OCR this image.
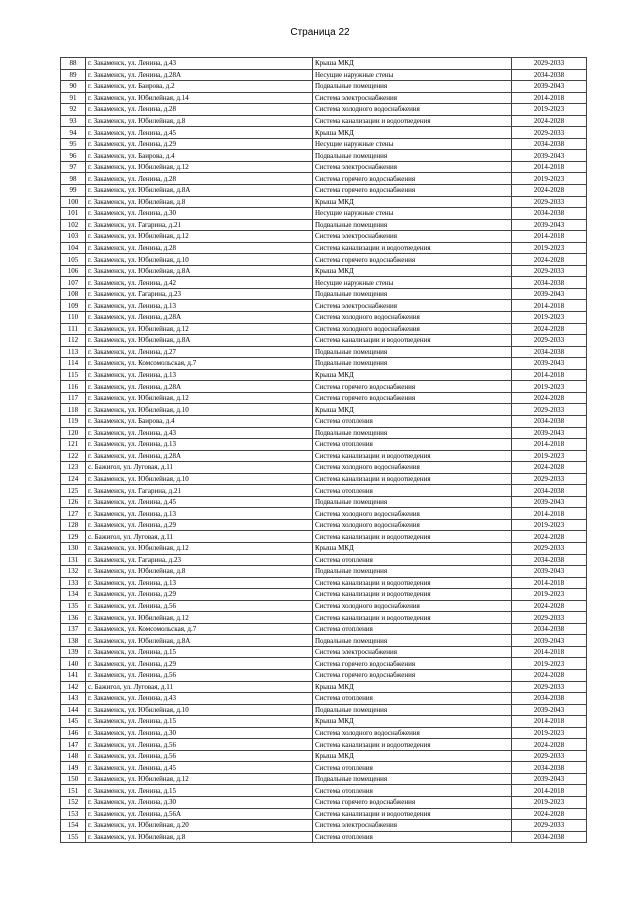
Страница 22
88	г. Закаменск, ул. Ленина, д.43	Крыша МКД	2029-2033
89	г. Закаменск, ул. Ленина, д.28А	Несущие наружные стены	2034-2038
90	г. Закаменск, ул. Баирова, д.2	Подвальные помещения	2039-2043
91	г. Закаменск, ул. Юбилейная, д.14	Система электроснабжения	2014-2018
92	г. Закаменск, ул. Ленина, д.28	Система холодного водоснабжения	2019-2023
93	г. Закаменск, ул. Юбилейная, д.8	Система канализации и водоотведения	2024-2028
94	г. Закаменск, ул. Ленина, д.45	Крыша МКД	2029-2033
95	г. Закаменск, ул. Ленина, д.29	Несущие наружные стены	2034-2038
96	г. Закаменск, ул. Баирова, д.4	Подвальные помещения	2039-2043
97	г. Закаменск, ул. Юбилейная, д.12	Система электроснабжения	2014-2018
98	г. Закаменск, ул. Ленина, д.28	Система горячего водоснабжения	2019-2023
99	г. Закаменск, ул. Юбилейная, д.8А	Система горячего водоснабжения	2024-2028
100	г. Закаменск, ул. Юбилейная, д.8	Крыша МКД	2029-2033
101	г. Закаменск, ул. Ленина, д.30	Несущие наружные стены	2034-2038
102	г. Закаменск, ул. Гагарина, д.21	Подвальные помещения	2039-2043
103	г. Закаменск, ул. Юбилейная, д.12	Система электроснабжения	2014-2018
104	г. Закаменск, ул. Ленина, д.28	Система канализации и водоотведения	2019-2023
105	г. Закаменск, ул. Юбилейная, д.10	Система горячего водоснабжения	2024-2028
106	г. Закаменск, ул. Юбилейная, д.8А	Крыша МКД	2029-2033
107	г. Закаменск, ул. Ленина, д.42	Несущие наружные стены	2034-2038
108	г. Закаменск, ул. Гагарина, д.23	Подвальные помещения	2039-2043
109	г. Закаменск, ул. Ленина, д.13	Система электроснабжения	2014-2018
110	г. Закаменск, ул. Ленина, д.28А	Система холодного водоснабжения	2019-2023
111	г. Закаменск, ул. Юбилейная, д.12	Система холодного водоснабжения	2024-2028
112	г. Закаменск, ул. Юбилейная, д.8А	Система канализации и водоотведения	2029-2033
113	г. Закаменск, ул. Ленина, д.27	Подвальные помещения	2034-2038
114	г. Закаменск, ул. Комсомольская, д.7	Подвальные помещения	2039-2043
115	г. Закаменск, ул. Ленина, д.13	Крыша МКД	2014-2018
116	г. Закаменск, ул. Ленина, д.28А	Система горячего водоснабжения	2019-2023
117	г. Закаменск, ул. Юбилейная, д.12	Система горячего водоснабжения	2024-2028
118	г. Закаменск, ул. Юбилейная, д.10	Крыша МКД	2029-2033
119	г. Закаменск, ул. Баирова, д.4	Система отопления	2034-2038
120	г. Закаменск, ул. Ленина, д.43	Подвальные помещения	2039-2043
121	г. Закаменск, ул. Ленина, д.13	Система отопления	2014-2018
122	г. Закаменск, ул. Ленина, д.28А	Система канализации и водоотведения	2019-2023
123	с. Бажигол, ул. Луговая, д.11	Система холодного водоснабжения	2024-2028
124	г. Закаменск, ул. Юбилейная, д.10	Система канализации и водоотведения	2029-2033
125	г. Закаменск, ул. Гагарина, д.21	Система отопления	2034-2038
126	г. Закаменск, ул. Ленина, д.45	Подвальные помещения	2039-2043
127	г. Закаменск, ул. Ленина, д.13	Система холодного водоснабжения	2014-2018
128	г. Закаменск, ул. Ленина, д.29	Система холодного водоснабжения	2019-2023
129	с. Бажигол, ул. Луговая, д.11	Система канализации и водоотведения	2024-2028
130	г. Закаменск, ул. Юбилейная, д.12	Крыша МКД	2029-2033
131	г. Закаменск, ул. Гагарина, д.23	Система отопления	2034-2038
132	г. Закаменск, ул. Юбилейная, д.8	Подвальные помещения	2039-2043
133	г. Закаменск, ул. Ленина, д.13	Система канализации и водоотведения	2014-2018
134	г. Закаменск, ул. Ленина, д.29	Система канализации и водоотведения	2019-2023
135	г. Закаменск, ул. Ленина, д.56	Система холодного водоснабжения	2024-2028
136	г. Закаменск, ул. Юбилейная, д.12	Система канализации и водоотведения	2029-2033
137	г. Закаменск, ул. Комсомольская, д.7	Система отопления	2034-2038
138	г. Закаменск, ул. Юбилейная, д.8А	Подвальные помещения	2039-2043
139	г. Закаменск, ул. Ленина, д.15	Система электроснабжения	2014-2018
140	г. Закаменск, ул. Ленина, д.29	Система горячего водоснабжения	2019-2023
141	г. Закаменск, ул. Ленина, д.56	Система горячего водоснабжения	2024-2028
142	с. Бажигол, ул. Луговая, д.11	Крыша МКД	2029-2033
143	г. Закаменск, ул. Ленина, д.43	Система отопления	2034-2038
144	г. Закаменск, ул. Юбилейная, д.10	Подвальные помещения	2039-2043
145	г. Закаменск, ул. Ленина, д.15	Крыша МКД	2014-2018
146	г. Закаменск, ул. Ленина, д.30	Система холодного водоснабжения	2019-2023
147	г. Закаменск, ул. Ленина, д.56	Система канализации и водоотведения	2024-2028
148	г. Закаменск, ул. Ленина, д.56	Крыша МКД	2029-2033
149	г. Закаменск, ул. Ленина, д.45	Система отопления	2034-2038
150	г. Закаменск, ул. Юбилейная, д.12	Подвальные помещения	2039-2043
151	г. Закаменск, ул. Ленина, д.15	Система отопления	2014-2018
152	г. Закаменск, ул. Ленина, д.30	Система горячего водоснабжения	2019-2023
153	г. Закаменск, ул. Ленина, д.56А	Система канализации и водоотведения	2024-2028
154	г. Закаменск, ул. Юбилейная, д.20	Система электроснабжения	2029-2033
155	г. Закаменск, ул. Юбилейная, д.8	Система отопления	2034-2038
